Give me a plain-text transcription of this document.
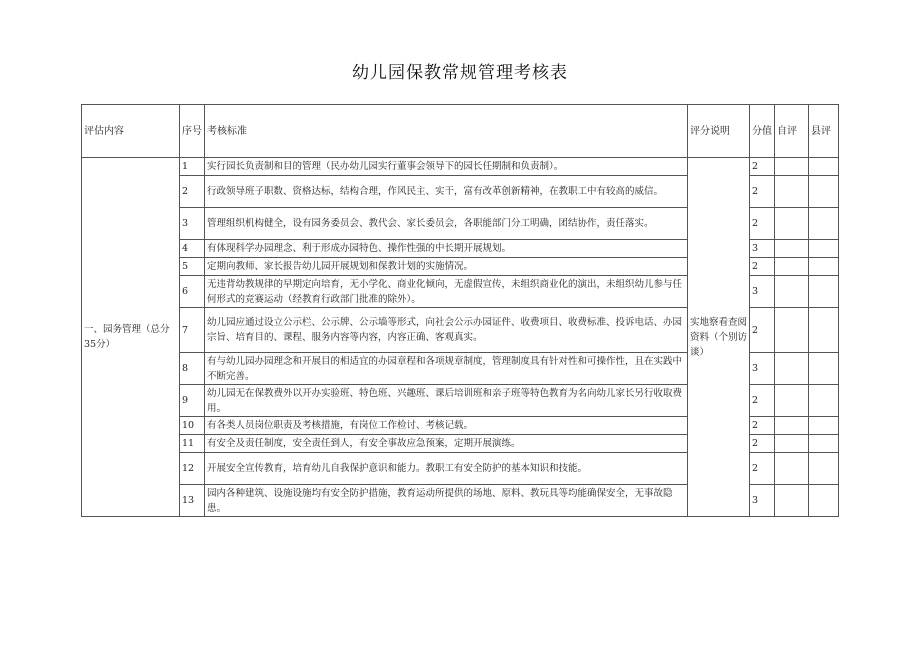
幼儿园保教常规管理考核表
评估内容	序号	考核标准	评分说明	分值	自评	县评
一、园务管理（总分35分）	1	实行园长负责制和目的管理（民办幼儿园实行董事会领导下的园长任期制和负责制）。	实地察看查阅资料（个别访谈）	2		
	2	行政领导班子职数、资格达标，结构合理，作风民主、实干，富有改革创新精神，在教职工中有较高的威信。		2		
	3	管理组织机构健全，设有园务委员会、教代会、家长委员会，各职能部门分工明确，团结协作，责任落实。		2		
	4	有体现科学办园理念、利于形成办园特色、操作性强的中长期开展规划。		3		
	5	定期向教师、家长报告幼儿园开展规划和保教计划的实施情况。		2		
	6	无违背幼教规律的早期定向培育，无小学化、商业化倾向，无虚假宣传，未组织商业化的演出，未组织幼儿参与任何形式的竞赛运动（经教育行政部门批准的除外）。		3		
	7	幼儿园应通过设立公示栏、公示牌、公示墙等形式，向社会公示办园证件、收费项目、收费标准、投诉电话、办园宗旨、培育目的、课程、服务内容等内容，内容正确、客观真实。		2		
	8	有与幼儿园办园理念和开展目的相适宜的办园章程和各项规章制度，管理制度具有针对性和可操作性，且在实践中不断完善。		3		
	9	幼儿园无在保教费外以开办实验班、特色班、兴趣班、课后培训班和亲子班等特色教育为名向幼儿家长另行收取费用。		2		
	10	有各类人员岗位职责及考核措施，有岗位工作检讨、考核记载。		2		
	11	有安全及责任制度，安全责任到人，有安全事故应急预案，定期开展演练。		2		
	12	开展安全宣传教育，培育幼儿自我保护意识和能力。教职工有安全防护的基本知识和技能。		2		
	13	园内各种建筑、设施设施均有安全防护措施，教育运动所提供的场地、原料、教玩具等均能确保安全，无事故隐患。		3		
